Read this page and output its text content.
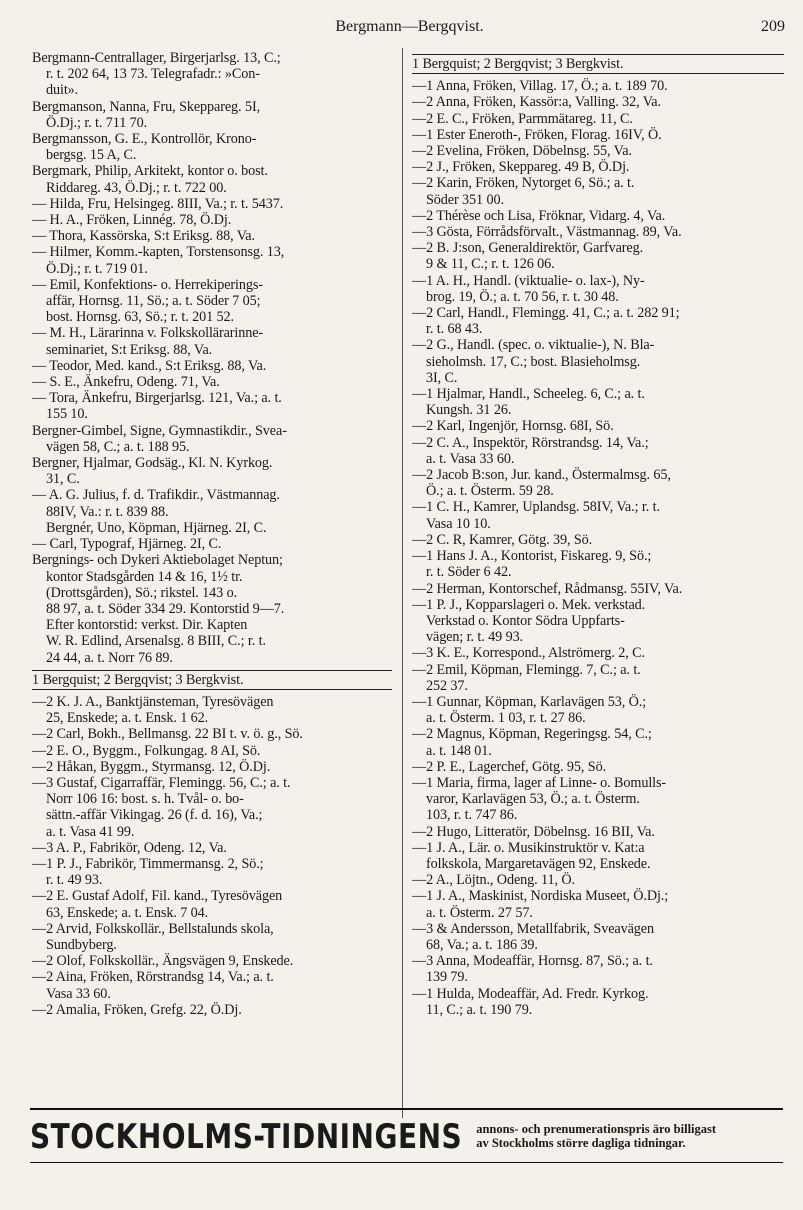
Bergmann—Bergqvist.	209
Bergmann-Centrallager, Birgerjarlsg. 13, C.;
r. t. 202 64, 13 73. Telegrafadr.: »Con-
duit».
Bergmanson, Nanna, Fru, Skeppareg. 5I,
Ö.Dj.; r. t. 711 70.
Bergmansson, G. E., Kontrollör, Krono-
bergsg. 15 A, C.
Bergmark, Philip, Arkitekt, kontor o. bost.
Riddareg. 43, Ö.Dj.; r. t. 722 00.
— Hilda, Fru, Helsingeg. 8III, Va.; r. t. 5437.
— H. A., Fröken, Linnég. 78, Ö.Dj.
— Thora, Kassörska, S:t Eriksg. 88, Va.
— Hilmer, Komm.-kapten, Torstensonsg. 13,
Ö.Dj.; r. t. 719 01.
— Emil, Konfektions- o. Herrekiperings-
affär, Hornsg. 11, Sö.; a. t. Söder 7 05;
bost. Hornsg. 63, Sö.; r. t. 201 52.
— M. H., Lärarinna v. Folkskollärarinne-
seminariet, S:t Eriksg. 88, Va.
— Teodor, Med. kand., S:t Eriksg. 88, Va.
— S. E., Änkefru, Odeng. 71, Va.
— Tora, Änkefru, Birgerjarlsg. 121, Va.; a. t.
155 10.
Bergner-Gimbel, Signe, Gymnastikdir., Svea-
vägen 58, C.; a. t. 188 95.
Bergner, Hjalmar, Godsäg., Kl. N. Kyrkog.
31, C.
— A. G. Julius, f. d. Trafikdir., Västmannag.
88IV, Va.: r. t. 839 88.
Bergnér, Uno, Köpman, Hjärneg. 2I, C.
— Carl, Typograf, Hjärneg. 2I, C.
Bergnings- och Dykeri Aktiebolaget Neptun;
kontor Stadsgården 14 & 16, 1½ tr.
(Drottsgården), Sö.; rikstel. 143 o.
88 97, a. t. Söder 334 29. Kontorstid 9—7.
Efter kontorstid: verkst. Dir. Kapten
W. R. Edlind, Arsenalsg. 8 BIII, C.; r. t.
24 44, a. t. Norr 76 89.
1 Bergquist; 2 Bergqvist; 3 Bergkvist.
—2 K. J. A., Banktjänsteman, Tyresövägen
25, Enskede; a. t. Ensk. 1 62.
—2 Carl, Bokh., Bellmansg. 22 BI t. v. ö. g., Sö.
—2 E. O., Byggm., Folkungag. 8 AI, Sö.
—2 Håkan, Byggm., Styrmansg. 12, Ö.Dj.
—3 Gustaf, Cigarraffär, Flemingg. 56, C.; a. t.
Norr 106 16: bost. s. h. Tvål- o. bo-
sättn.-affär Vikingag. 26 (f. d. 16), Va.;
a. t. Vasa 41 99.
—3 A. P., Fabrikör, Odeng. 12, Va.
—1 P. J., Fabrikör, Timmermansg. 2, Sö.;
r. t. 49 93.
—2 E. Gustaf Adolf, Fil. kand., Tyresövägen
63, Enskede; a. t. Ensk. 7 04.
—2 Arvid, Folkskollär., Bellstalunds skola,
Sundbyberg.
—2 Olof, Folkskollär., Ängsvägen 9, Enskede.
—2 Aina, Fröken, Rörstrandsg 14, Va.; a. t.
Vasa 33 60.
—2 Amalia, Fröken, Grefg. 22, Ö.Dj.
1 Bergquist; 2 Bergqvist; 3 Bergkvist.
—1 Anna, Fröken, Villag. 17, Ö.; a. t. 189 70.
—2 Anna, Fröken, Kassör:a, Valling. 32, Va.
—2 E. C., Fröken, Parmmätareg. 11, C.
—1 Ester Eneroth-, Fröken, Florag. 16IV, Ö.
—2 Evelina, Fröken, Döbelnsg. 55, Va.
—2 J., Fröken, Skeppareg. 49 B, Ö.Dj.
—2 Karin, Fröken, Nytorget 6, Sö.; a. t.
Söder 351 00.
—2 Thérèse och Lisa, Fröknar, Vidarg. 4, Va.
—3 Gösta, Förrådsförvalt., Västmannag. 89, Va.
—2 B. J:son, Generaldirektör, Garfvareg.
9 & 11, C.; r. t. 126 06.
—1 A. H., Handl. (viktualie- o. lax-), Ny-
brog. 19, Ö.; a. t. 70 56, r. t. 30 48.
—2 Carl, Handl., Flemingg. 41, C.; a. t. 282 91;
r. t. 68 43.
—2 G., Handl. (spec. o. viktualie-), N. Bla-
sieholmsh. 17, C.; bost. Blasieholmsg.
3I, C.
—1 Hjalmar, Handl., Scheeleg. 6, C.; a. t.
Kungsh. 31 26.
—2 Karl, Ingenjör, Hornsg. 68I, Sö.
—2 C. A., Inspektör, Rörstrandsg. 14, Va.;
a. t. Vasa 33 60.
—2 Jacob B:son, Jur. kand., Östermalmsg. 65,
Ö.; a. t. Österm. 59 28.
—1 C. H., Kamrer, Uplandsg. 58IV, Va.; r. t.
Vasa 10 10.
—2 C. R, Kamrer, Götg. 39, Sö.
—1 Hans J. A., Kontorist, Fiskareg. 9, Sö.;
r. t. Söder 6 42.
—2 Herman, Kontorschef, Rådmansg. 55IV, Va.
—1 P. J., Kopparslageri o. Mek. verkstad.
Verkstad o. Kontor Södra Uppfarts-
vägen; r. t. 49 93.
—3 K. E., Korrespond., Alströmerg. 2, C.
—2 Emil, Köpman, Flemingg. 7, C.; a. t.
252 37.
—1 Gunnar, Köpman, Karlavägen 53, Ö.;
a. t. Österm. 1 03, r. t. 27 86.
—2 Magnus, Köpman, Regeringsg. 54, C.;
a. t. 148 01.
—2 P. E., Lagerchef, Götg. 95, Sö.
—1 Maria, firma, lager af Linne- o. Bomulls-
varor, Karlavägen 53, Ö.; a. t. Österm.
103, r. t. 747 86.
—2 Hugo, Litteratör, Döbelnsg. 16 BII, Va.
—1 J. A., Lär. o. Musikinstruktör v. Kat:a
folkskola, Margaretavägen 92, Enskede.
—2 A., Löjtn., Odeng. 11, Ö.
—1 J. A., Maskinist, Nordiska Museet, Ö.Dj.;
a. t. Österm. 27 57.
—3 & Andersson, Metallfabrik, Sveavägen
68, Va.; a. t. 186 39.
—3 Anna, Modeaffär, Hornsg. 87, Sö.; a. t.
139 79.
—1 Hulda, Modeaffär, Ad. Fredr. Kyrkog.
11, C.; a. t. 190 79.
STOCKHOLMS-TIDNINGENS annons- och prenumerationspris äro billigast
av Stockholms större dagliga tidningar.
